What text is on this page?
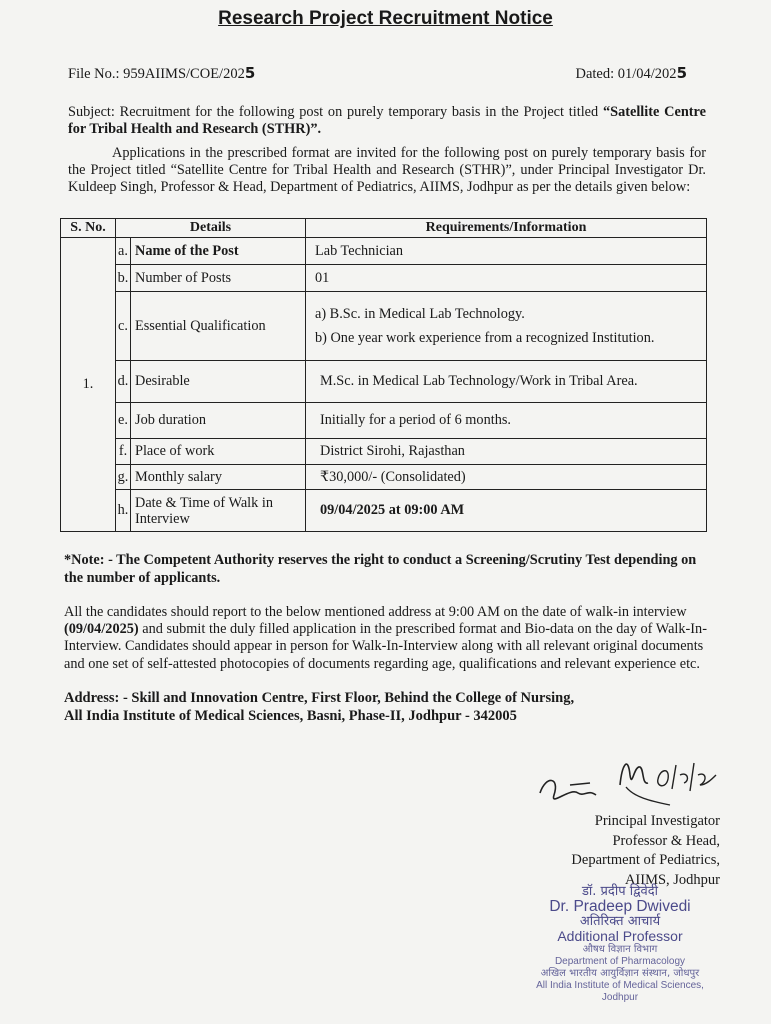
Research Project Recruitment Notice
File No.: 959AIIMS/COE/2025	Dated: 01/04/2025
Subject: Recruitment for the following post on purely temporary basis in the Project titled “Satellite Centre for Tribal Health and Research (STHR)”.
Applications in the prescribed format are invited for the following post on purely temporary basis for the Project titled “Satellite Centre for Tribal Health and Research (STHR)”, under Principal Investigator Dr. Kuldeep Singh, Professor & Head, Department of Pediatrics, AIIMS, Jodhpur as per the details given below:
S. No.	Details		Requirements/Information
1.	a.	Name of the Post	Lab Technician
	b.	Number of Posts	01
	c.	Essential Qualification	a) B.Sc. in Medical Lab Technology.
b) One year work experience from a recognized Institution.

	d.	Desirable	M.Sc. in Medical Lab Technology/Work in Tribal Area.
	e.	Job duration	Initially for a period of 6 months.
	f.	Place of work	District Sirohi, Rajasthan
	g.	Monthly salary	₹30,000/- (Consolidated)
	h.	Date & Time of Walk in Interview	09/04/2025 at 09:00 AM
*Note: - The Competent Authority reserves the right to conduct a Screening/Scrutiny Test depending on the number of applicants.
All the candidates should report to the below mentioned address at 9:00 AM on the date of walk-in interview (09/04/2025) and submit the duly filled application in the prescribed format and Bio-data on the day of Walk-In-Interview. Candidates should appear in person for Walk-In-Interview along with all relevant original documents and one set of self-attested photocopies of documents regarding age, qualifications and relevant experience etc.
Address: - Skill and Innovation Centre, First Floor, Behind the College of Nursing,
All India Institute of Medical Sciences, Basni, Phase-II, Jodhpur - 342005
Principal Investigator
Professor & Head,
Department of Pediatrics,
AIIMS, Jodhpur
डॉ. प्रदीप द्विवेदी
Dr. Pradeep Dwivedi
अतिरिक्त आचार्य
Additional Professor
औषध विज्ञान विभाग
Department of Pharmacology
अखिल भारतीय आयुर्विज्ञान संस्थान, जोधपुर
All India Institute of Medical Sciences, Jodhpur
